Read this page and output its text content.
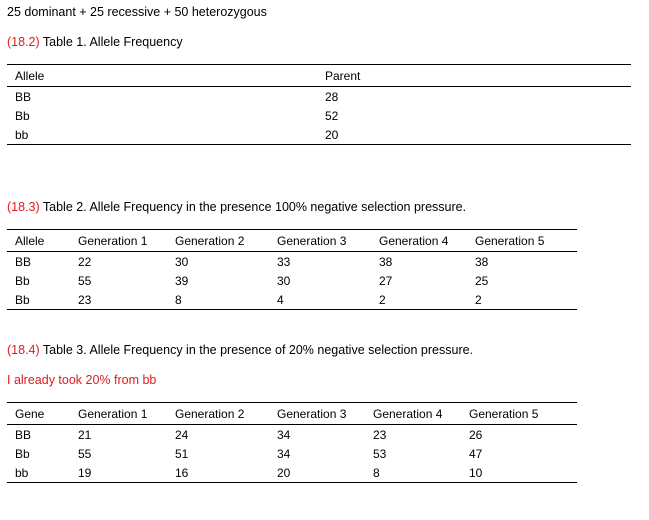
25 dominant + 25 recessive + 50 heterozygous
(18.2) Table 1. Allele Frequency
Allele	Parent
BB	28
Bb	52
bb	20
(18.3) Table 2. Allele Frequency in the presence 100% negative selection pressure.
Allele	Generation 1	Generation 2	Generation 3	Generation 4	Generation 5
BB	22	30	33	38	38
Bb	55	39	30	27	25
Bb	23	8	4	2	2
(18.4) Table 3. Allele Frequency in the presence of 20% negative selection pressure.
I already took 20% from bb
Gene	Generation 1	Generation 2	Generation 3	Generation 4	Generation 5
BB	21	24	34	23	26
Bb	55	51	34	53	47
bb	19	16	20	8	10
